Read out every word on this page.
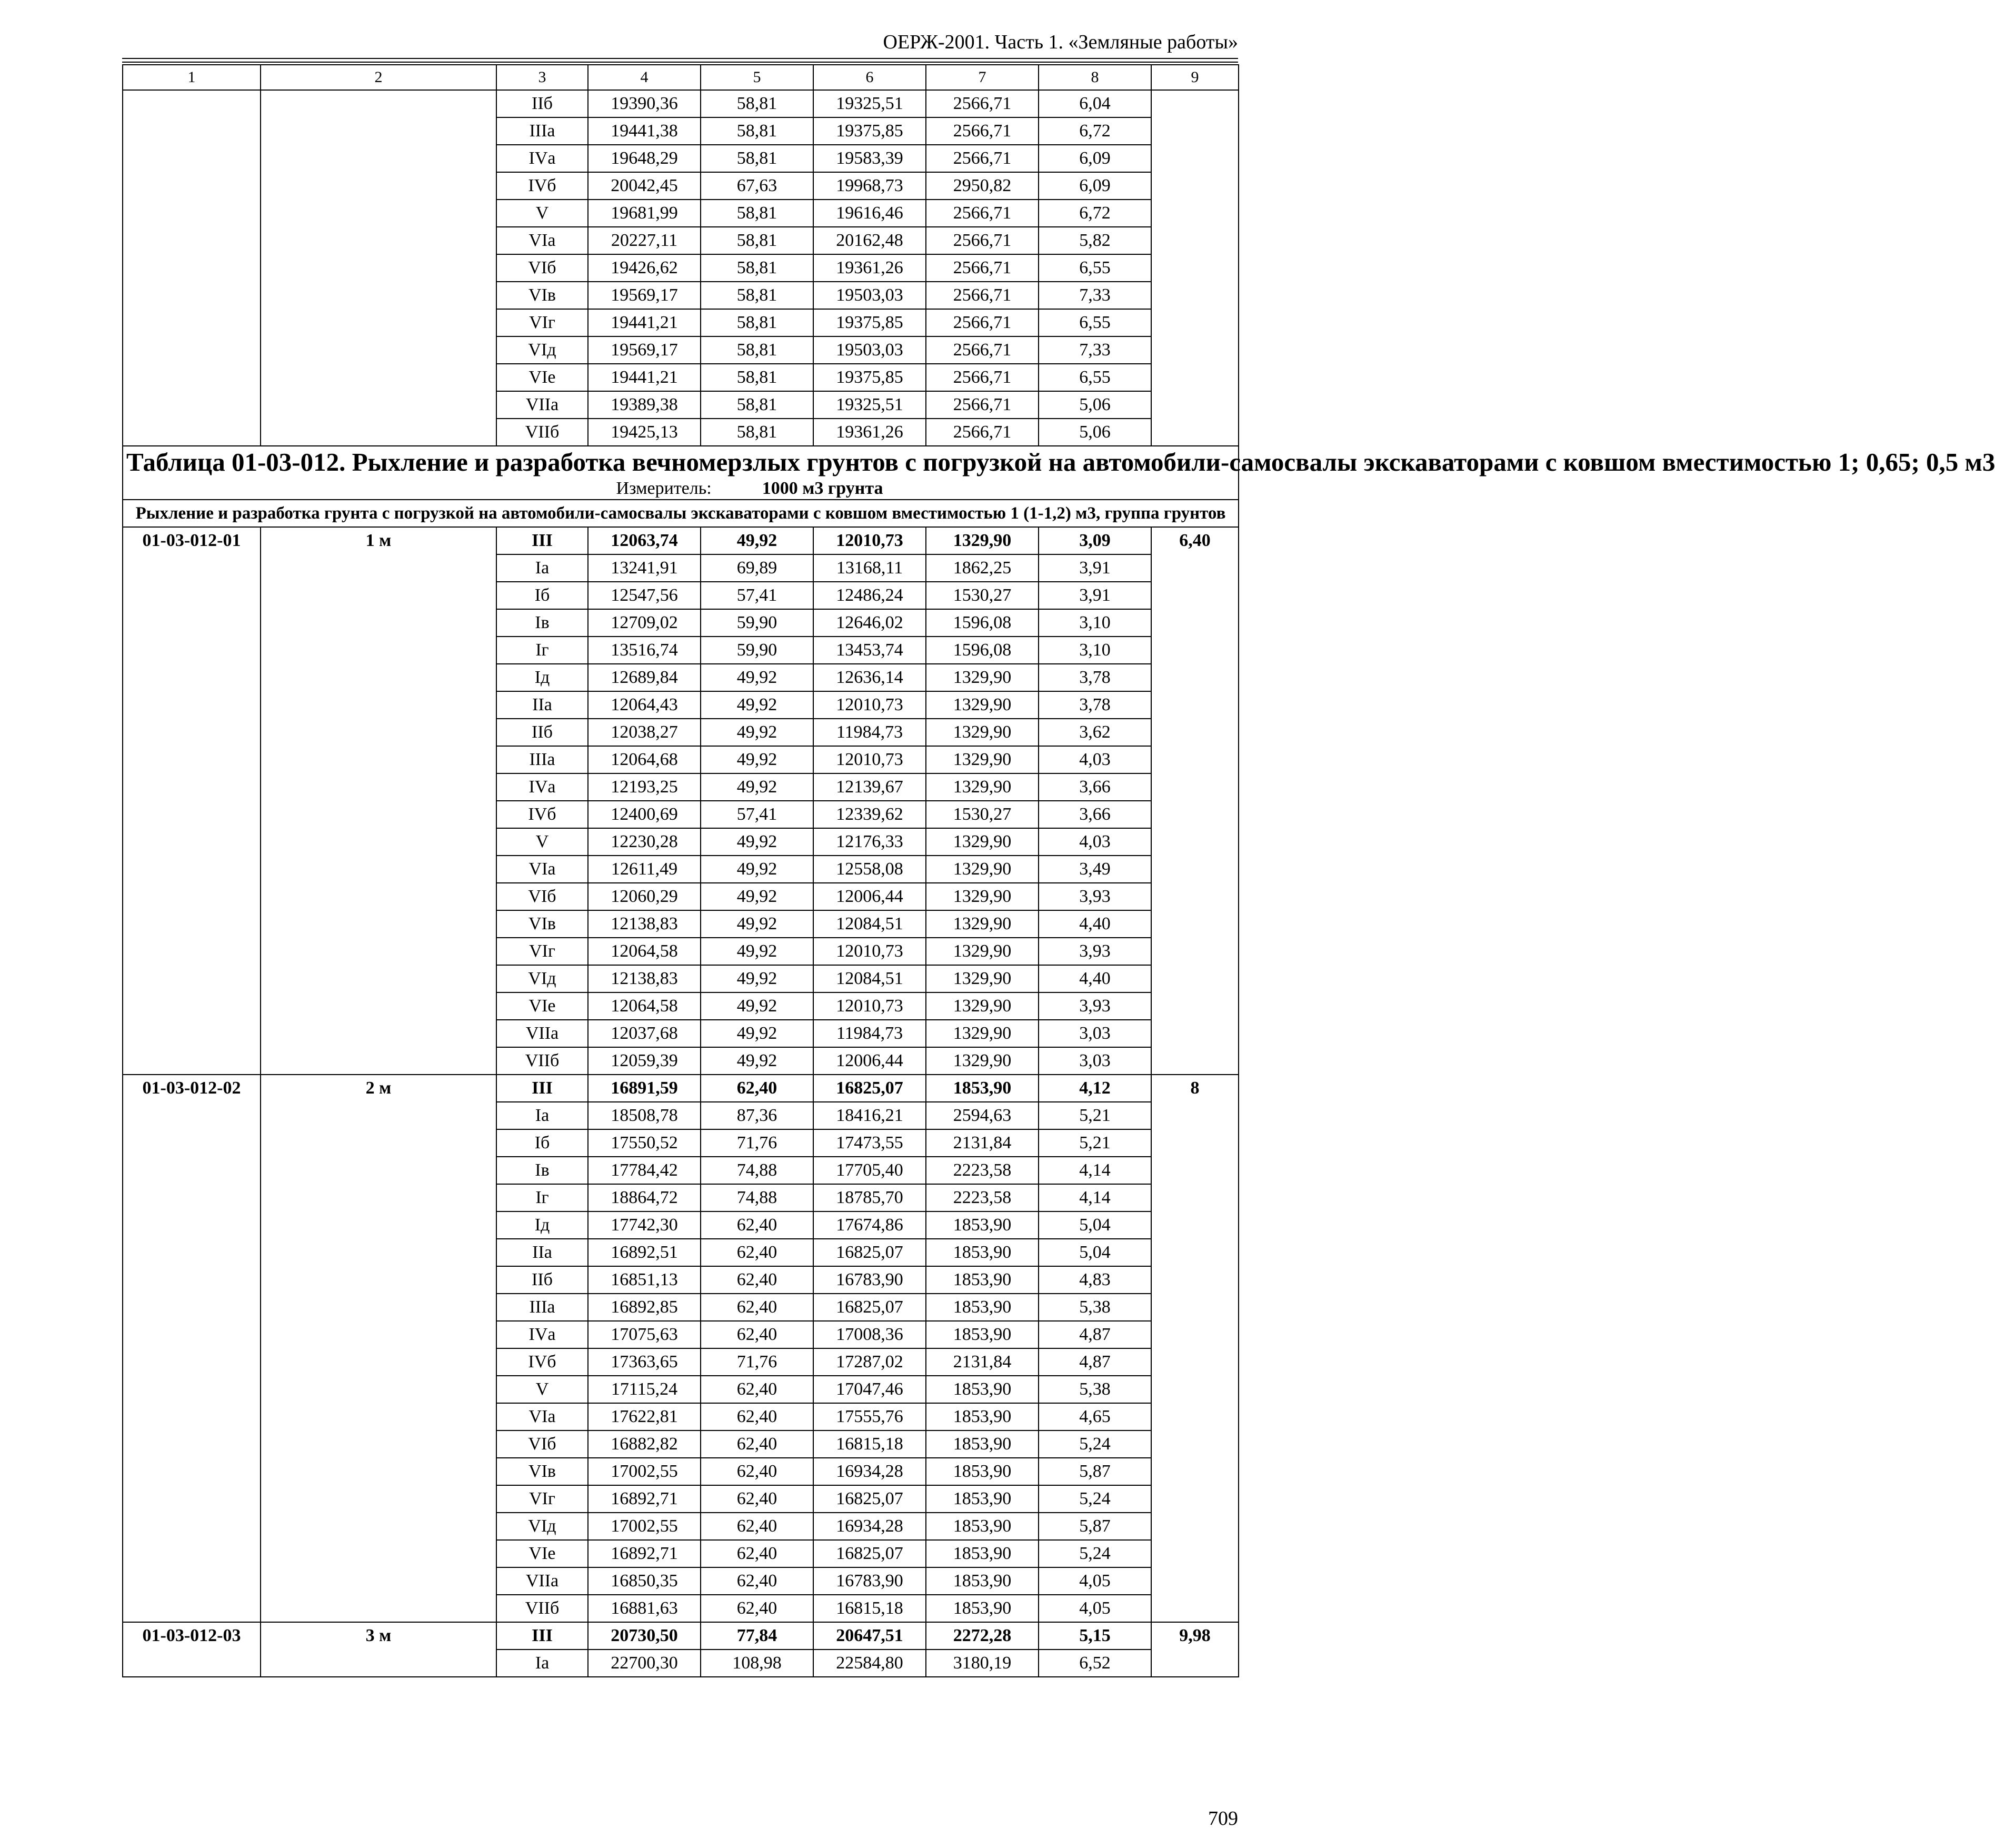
ОЕРЖ-2001. Часть 1. «Земляные работы»
1	2	3	4	5	6	7	8	9
		IIб	19390,36	58,81	19325,51	2566,71	6,04	
		IIIа	19441,38	58,81	19375,85	2566,71	6,72	
		IVа	19648,29	58,81	19583,39	2566,71	6,09	
		IVб	20042,45	67,63	19968,73	2950,82	6,09	
		V	19681,99	58,81	19616,46	2566,71	6,72	
		VIа	20227,11	58,81	20162,48	2566,71	5,82	
		VIб	19426,62	58,81	19361,26	2566,71	6,55	
		VIв	19569,17	58,81	19503,03	2566,71	7,33	
		VIг	19441,21	58,81	19375,85	2566,71	6,55	
		VIд	19569,17	58,81	19503,03	2566,71	7,33	
		VIе	19441,21	58,81	19375,85	2566,71	6,55	
		VIIа	19389,38	58,81	19325,51	2566,71	5,06	
		VIIб	19425,13	58,81	19361,26	2566,71	5,06	

Таблица 01-03-012. Рыхление и разработка вечномерзлых грунтов с погрузкой на автомобили-самосвалы экскаваторами с ковшом вместимостью 1; 0,65; 0,5 м3
Измеритель: 1000 м3 грунта								

Рыхление и разработка грунта с погрузкой на автомобили-самосвалы экскаваторами с ковшом вместимостью 1 (1-1,2) м3, группа грунтов								
01-03-012-01	1 м	III	12063,74	49,92	12010,73	1329,90	3,09	6,40
		Iа	13241,91	69,89	13168,11	1862,25	3,91	
		Iб	12547,56	57,41	12486,24	1530,27	3,91	
		Iв	12709,02	59,90	12646,02	1596,08	3,10	
		Iг	13516,74	59,90	13453,74	1596,08	3,10	
		Iд	12689,84	49,92	12636,14	1329,90	3,78	
		IIа	12064,43	49,92	12010,73	1329,90	3,78	
		IIб	12038,27	49,92	11984,73	1329,90	3,62	
		IIIа	12064,68	49,92	12010,73	1329,90	4,03	
		IVа	12193,25	49,92	12139,67	1329,90	3,66	
		IVб	12400,69	57,41	12339,62	1530,27	3,66	
		V	12230,28	49,92	12176,33	1329,90	4,03	
		VIа	12611,49	49,92	12558,08	1329,90	3,49	
		VIб	12060,29	49,92	12006,44	1329,90	3,93	
		VIв	12138,83	49,92	12084,51	1329,90	4,40	
		VIг	12064,58	49,92	12010,73	1329,90	3,93	
		VIд	12138,83	49,92	12084,51	1329,90	4,40	
		VIе	12064,58	49,92	12010,73	1329,90	3,93	
		VIIа	12037,68	49,92	11984,73	1329,90	3,03	
		VIIб	12059,39	49,92	12006,44	1329,90	3,03	
01-03-012-02	2 м	III	16891,59	62,40	16825,07	1853,90	4,12	8
		Iа	18508,78	87,36	18416,21	2594,63	5,21	
		Iб	17550,52	71,76	17473,55	2131,84	5,21	
		Iв	17784,42	74,88	17705,40	2223,58	4,14	
		Iг	18864,72	74,88	18785,70	2223,58	4,14	
		Iд	17742,30	62,40	17674,86	1853,90	5,04	
		IIа	16892,51	62,40	16825,07	1853,90	5,04	
		IIб	16851,13	62,40	16783,90	1853,90	4,83	
		IIIа	16892,85	62,40	16825,07	1853,90	5,38	
		IVа	17075,63	62,40	17008,36	1853,90	4,87	
		IVб	17363,65	71,76	17287,02	2131,84	4,87	
		V	17115,24	62,40	17047,46	1853,90	5,38	
		VIа	17622,81	62,40	17555,76	1853,90	4,65	
		VIб	16882,82	62,40	16815,18	1853,90	5,24	
		VIв	17002,55	62,40	16934,28	1853,90	5,87	
		VIг	16892,71	62,40	16825,07	1853,90	5,24	
		VIд	17002,55	62,40	16934,28	1853,90	5,87	
		VIе	16892,71	62,40	16825,07	1853,90	5,24	
		VIIа	16850,35	62,40	16783,90	1853,90	4,05	
		VIIб	16881,63	62,40	16815,18	1853,90	4,05	
01-03-012-03	3 м	III	20730,50	77,84	20647,51	2272,28	5,15	9,98
		Iа	22700,30	108,98	22584,80	3180,19	6,52	
709
